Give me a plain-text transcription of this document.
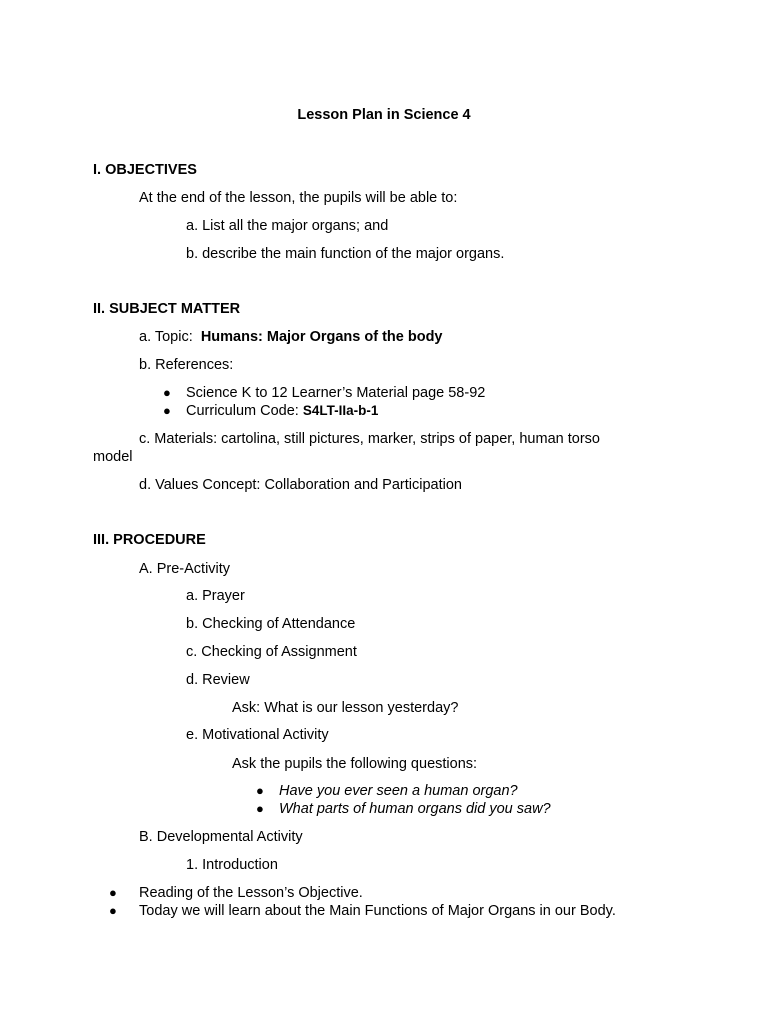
Lesson Plan in Science 4
I. OBJECTIVES
At the end of the lesson, the pupils will be able to:
a. List all the major organs; and
b. describe the main function of the major organs.
II. SUBJECT MATTER
a. Topic: Humans: Major Organs of the body
b. References:
● Science K to 12 Learner’s Material page 58-92
● Curriculum Code: S4LT-IIa-b-1
c. Materials: cartolina, still pictures, marker, strips of paper, human torso
model
d. Values Concept: Collaboration and Participation
III. PROCEDURE
A. Pre-Activity
a. Prayer
b. Checking of Attendance
c. Checking of Assignment
d. Review
Ask: What is our lesson yesterday?
e. Motivational Activity
Ask the pupils the following questions:
● Have you ever seen a human organ?
● What parts of human organs did you saw?
B. Developmental Activity
1. Introduction
● Reading of the Lesson’s Objective.
● Today we will learn about the Main Functions of Major Organs in our Body.
